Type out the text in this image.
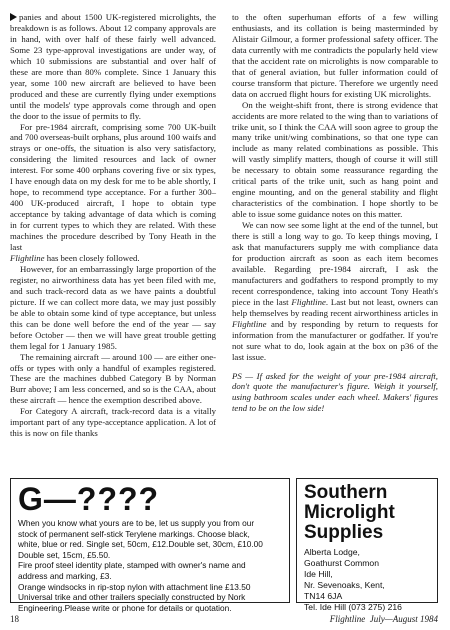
panies and about 1500 UK-registered microlights, the breakdown is as follows. About 12 company approvals are in hand, with over half of these fairly well advanced. Some 23 type-approval investigations are under way, of which 10 submissions are substantial and over half of these are more than 80% complete. Since 1 January this year, some 100 new aircraft are believed to have been produced and these are currently flying under exemptions until the models' type approvals come through and open the door to the issue of permits to fly.

For pre-1984 aircraft, comprising some 700 UK-built and 700 overseas-built orphans, plus around 100 waifs and strays or one-offs, the situation is also very satisfactory, considering the limited resources and lack of owner interest. For some 400 orphans covering five or six types, I have enough data on my desk for me to be able shortly, I hope, to recommend type acceptance. For a further 300–400 UK-produced aircraft, I hope to obtain type acceptance by taking advantage of data which is coming in for current types to which they are related. With these machines the procedure described by Tony Heath in the last

Flightline has been closely followed.

However, for an embarrassingly large proportion of the register, no airworthiness data has yet been filed with me, and such track-record data as we have paints a doubtful picture. If we can collect more data, we may just possibly be able to obtain some kind of type acceptance, but unless this can be done well before the end of the year — say before October — then we will have great trouble getting them legal for 1 January 1985.

The remaining aircraft — around 100 — are either one-offs or types with only a handful of examples registered. These are the machines dubbed Category B by Norman Burr above; I am less concerned, and so is the CAA, about these aircraft — hence the exemption described above.

For Category A aircraft, track-record data is a vitally important part of any type-acceptance application. A lot of this is now on file thanks

to the often superhuman efforts of a few willing enthusiasts, and its collation is being masterminded by Alistair Gilmour, a former professional safety officer. The data currently with me contradicts the popularly held view that the accident rate on microlights is now comparable to that of general aviation, but fuller information could of course transform that picture. Therefore we urgently need data on accrued flight hours for existing UK microlights.

On the weight-shift front, there is strong evidence that accidents are more related to the wing than to variations of trike unit, so I think the CAA will soon agree to group the many trike unit/wing combinations, so that one type can include as many related combinations as possible. This will vastly simplify matters, though of course it will still be necessary to obtain some reassurance regarding the critical parts of the trike unit, such as hang point and engine mounting, and on the general stability and flight characteristics of the combination. I hope shortly to be able to issue some guidance notes on this matter.

We can now see some light at the end of the tunnel, but there is still a long way to go. To keep things moving, I ask that manufacturers supply me with compliance data for production aircraft as soon as each item becomes available. Regarding pre-1984 aircraft, I ask the manufacturers and godfathers to respond promptly to my recent correspondence, taking into account Tony Heath's piece in the last Flightline. Last but not least, owners can help themselves by reading recent airworthiness articles in Flightline and by responding by return to requests for information from the manufacturer or godfather. If you're not sure what to do, look again at the box on p36 of the last issue.

PS — If asked for the weight of your pre-1984 aircraft, don't quote the manufacturer's figure. Weigh it yourself, using bathroom scales under each wheel. Makers' figures tend to be on the low side!

G—????
When you know what yours are to be, let us supply you from our
stock of permanent self-stick Terylene markings. Choose black,
white, blue or red. Single set, 50cm, £12.Double set, 30cm, £10.00
Double set, 15cm, £5.50.
Fire proof steel identity plate, stamped with owner's name and
address and marking, £3.
Orange windsocks in rip-stop nylon with attachment line £13.50
Universal trike and other trailers specially constructed by Nork
Engineering.Please write or phone for details or quotation.
Southern
Microlight
Supplies
Alberta Lodge,
Goathurst Common
Ide Hill,
Nr. Sevenoaks, Kent,
TN14 6JA
Tel. Ide Hill (073 275) 216
18	Flightline July—August 1984
